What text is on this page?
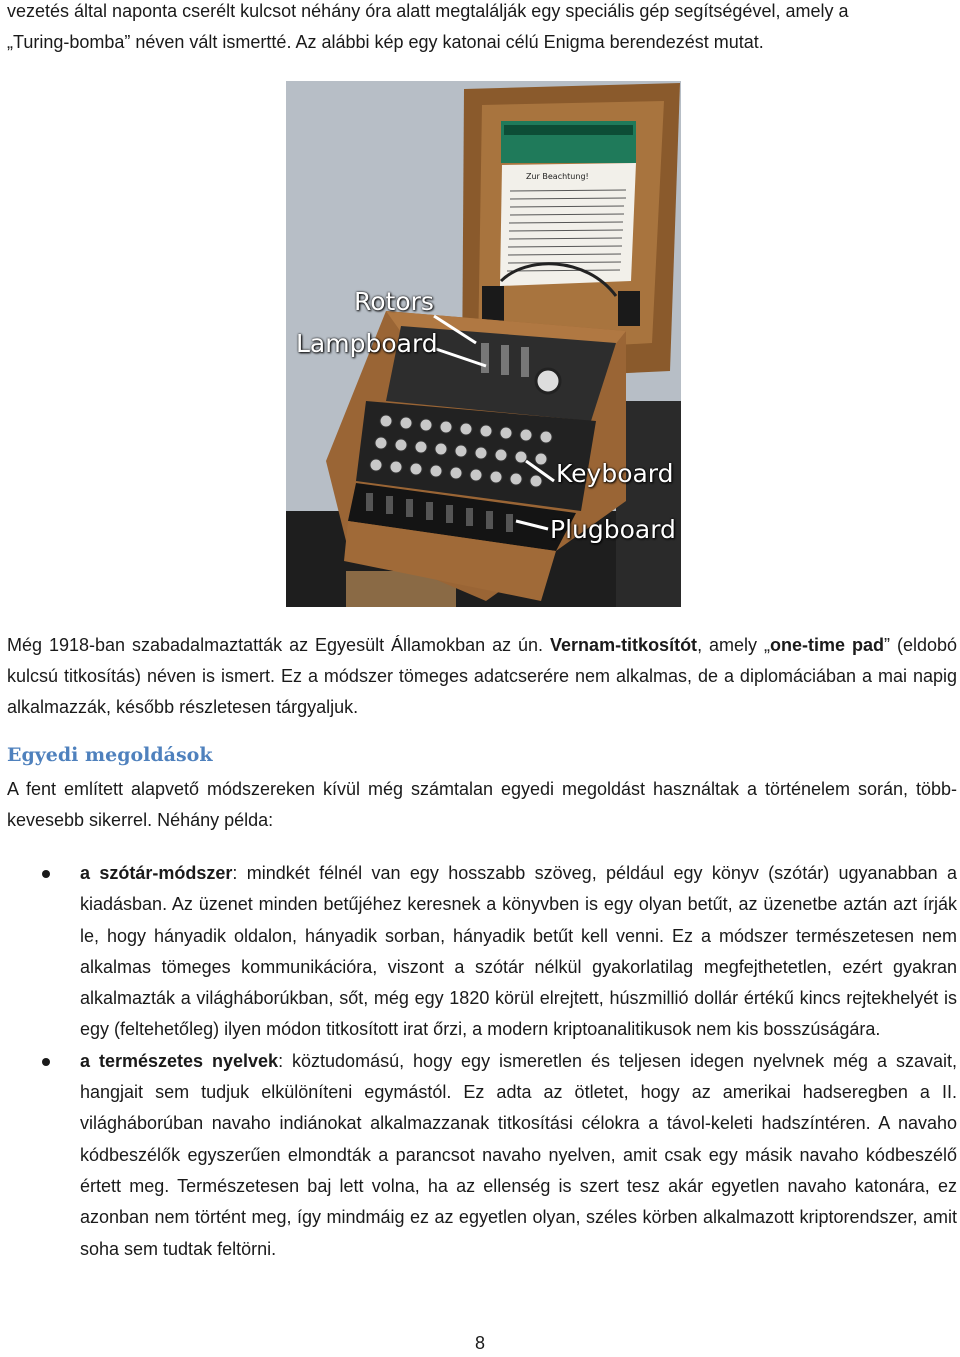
vezetés által naponta cserélt kulcsot néhány óra alatt megtalálják egy speciális gép segítségével, amely a
„Turing-bomba” néven vált ismertté. Az alábbi kép egy katonai célú Enigma berendezést mutat.
Zur Beachtung!
Rotors
Lampboard
Keyboard
Plugboard
Még 1918-ban szabadalmaztatták az Egyesült Államokban az ún. Vernam-titkosítót, amely „one-time pad” (eldobó kulcsú titkosítás) néven is ismert. Ez a módszer tömeges adatcserére nem alkalmas, de a diplomáciában a mai napig alkalmazzák, később részletesen tárgyaljuk.
Egyedi megoldások
A fent említett alapvető módszereken kívül még számtalan egyedi megoldást használtak a történelem során, több-kevesebb sikerrel. Néhány példa:
a szótár-módszer: mindkét félnél van egy hosszabb szöveg, például egy könyv (szótár) ugyanabban a kiadásban. Az üzenet minden betűjéhez keresnek a könyvben is egy olyan betűt, az üzenetbe aztán azt írják le, hogy hányadik oldalon, hányadik sorban, hányadik betűt kell venni. Ez a módszer természetesen nem alkalmas tömeges kommunikációra, viszont a szótár nélkül gyakorlatilag megfejthetetlen, ezért gyakran alkalmazták a világháborúkban, sőt, még egy 1820 körül elrejtett, húszmillió dollár értékű kincs rejtekhelyét is egy (feltehetőleg) ilyen módon titkosított irat őrzi, a modern kriptoanalitikusok nem kis bosszúságára.
a természetes nyelvek: köztudomású, hogy egy ismeretlen és teljesen idegen nyelvnek még a szavait, hangjait sem tudjuk elkülöníteni egymástól. Ez adta az ötletet, hogy az amerikai hadseregben a II. világháborúban navaho indiánokat alkalmazzanak titkosítási célokra a távol-keleti hadszíntéren. A navaho kódbeszélők egyszerűen elmondták a parancsot navaho nyelven, amit csak egy másik navaho kódbeszélő értett meg. Természetesen baj lett volna, ha az ellenség is szert tesz akár egyetlen navaho katonára, ez azonban nem történt meg, így mindmáig ez az egyetlen olyan, széles körben alkalmazott kriptorendszer, amit soha sem tudtak feltörni.
8
